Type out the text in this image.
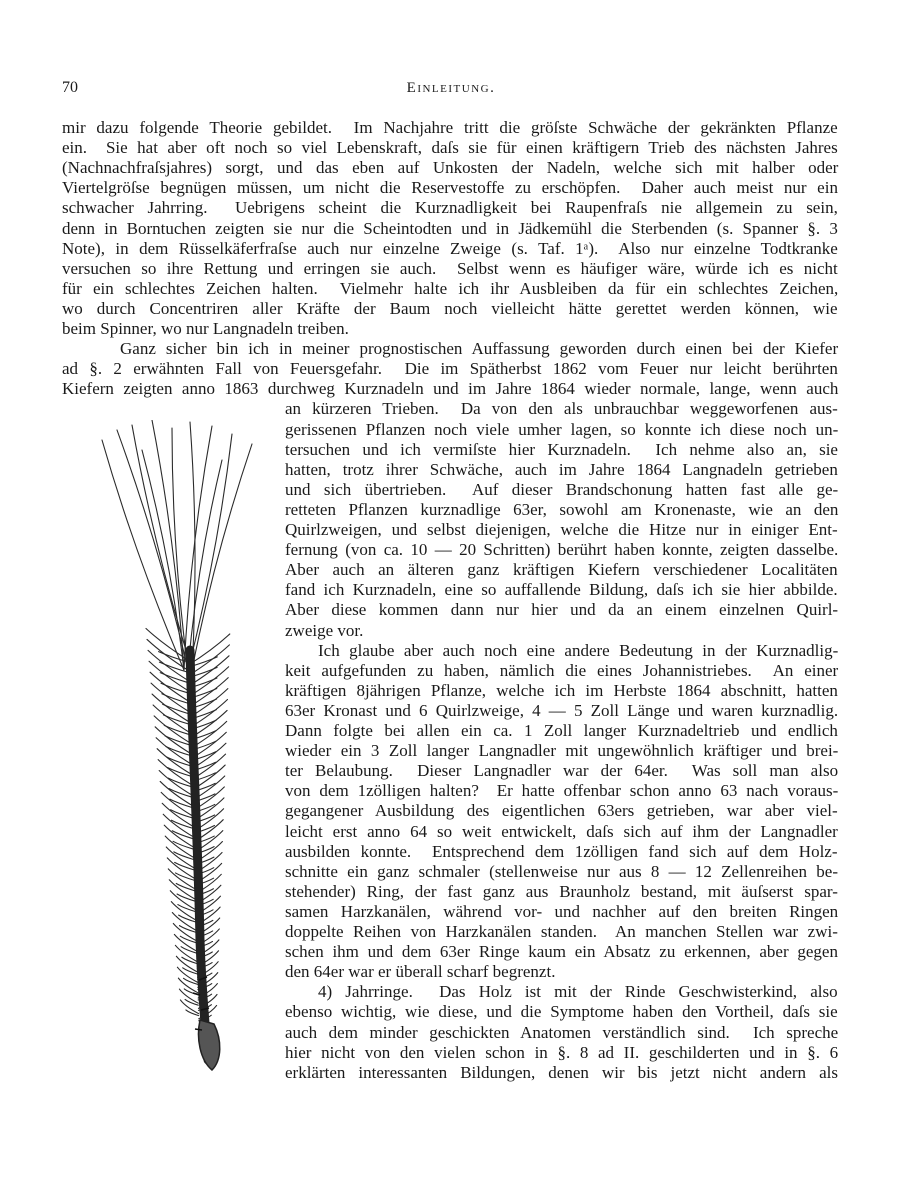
70	Einleitung.
mir dazu folgende Theorie gebildet.  Im Nachjahre tritt die gröſste Schwäche der gekränkten Pflanze
ein.  Sie hat aber oft noch so viel Lebenskraft, daſs sie für einen kräftigern Trieb des nächsten Jahres
(Nachnachfraſsjahres) sorgt, und das eben auf Unkosten der Nadeln, welche sich mit halber oder
Viertelgröſse begnügen müssen, um nicht die Reservestoffe zu erschöpfen.  Daher auch meist nur ein
schwacher Jahrring.  Uebrigens scheint die Kurznadligkeit bei Raupenfraſs nie allgemein zu sein,
denn in Borntuchen zeigten sie nur die Scheintodten und in Jädkemühl die Sterbenden (s. Spanner §. 3
Note), in dem Rüsselkäferfraſse auch nur einzelne Zweige (s. Taf. 1ᵃ).  Also nur einzelne Todtkranke
versuchen so ihre Rettung und erringen sie auch.  Selbst wenn es häufiger wäre, würde ich es nicht
für ein schlechtes Zeichen halten.  Vielmehr halte ich ihr Ausbleiben da für ein schlechtes Zeichen,
wo durch Concentriren aller Kräfte der Baum noch vielleicht hätte gerettet werden können, wie
beim Spinner, wo nur Langnadeln treiben.
Ganz sicher bin ich in meiner prognostischen Auffassung geworden durch einen bei der Kiefer
ad §. 2 erwähnten Fall von Feuersgefahr.  Die im Spätherbst 1862 vom Feuer nur leicht berührten
Kiefern zeigten anno 1863 durchweg Kurznadeln und im Jahre 1864 wieder normale, lange, wenn auch
an kürzeren Trieben.  Da von den als unbrauchbar weggeworfenen aus-
gerissenen Pflanzen noch viele umher lagen, so konnte ich diese noch un-
tersuchen und ich vermiſste hier Kurznadeln.  Ich nehme also an, sie
hatten, trotz ihrer Schwäche, auch im Jahre 1864 Langnadeln getrieben
und sich übertrieben.  Auf dieser Brandschonung hatten fast alle ge-
retteten Pflanzen kurznadlige 63er, sowohl am Kronenaste, wie an den
Quirlzweigen, und selbst diejenigen, welche die Hitze nur in einiger Ent-
fernung (von ca. 10 — 20 Schritten) berührt haben konnte, zeigten dasselbe.
Aber auch an älteren ganz kräftigen Kiefern verschiedener Localitäten
fand ich Kurznadeln, eine so auffallende Bildung, daſs ich sie hier abbilde.
Aber diese kommen dann nur hier und da an einem einzelnen Quirl-
zweige vor.
Ich glaube aber auch noch eine andere Bedeutung in der Kurznadlig-
keit aufgefunden zu haben, nämlich die eines Johannistriebes.  An einer
kräftigen 8jährigen Pflanze, welche ich im Herbste 1864 abschnitt, hatten
63er Kronast und 6 Quirlzweige, 4 — 5 Zoll Länge und waren kurznadlig.
Dann folgte bei allen ein ca. 1 Zoll langer Kurznadeltrieb und endlich
wieder ein 3 Zoll langer Langnadler mit ungewöhnlich kräftiger und brei-
ter Belaubung.  Dieser Langnadler war der 64er.  Was soll man also
von dem 1zölligen halten?  Er hatte offenbar schon anno 63 nach voraus-
gegangener Ausbildung des eigentlichen 63ers getrieben, war aber viel-
leicht erst anno 64 so weit entwickelt, daſs sich auf ihm der Langnadler
ausbilden konnte.  Entsprechend dem 1zölligen fand sich auf dem Holz-
schnitte ein ganz schmaler (stellenweise nur aus 8 — 12 Zellenreihen be-
stehender) Ring, der fast ganz aus Braunholz bestand, mit äuſserst spar-
samen Harzkanälen, während vor- und nachher auf den breiten Ringen
doppelte Reihen von Harzkanälen standen.  An manchen Stellen war zwi-
schen ihm und dem 63er Ringe kaum ein Absatz zu erkennen, aber gegen
den 64er war er überall scharf begrenzt.
4) Jahrringe.  Das Holz ist mit der Rinde Geschwisterkind, also
ebenso wichtig, wie diese, und die Symptome haben den Vortheil, daſs sie
auch dem minder geschickten Anatomen verständlich sind.  Ich spreche
hier nicht von den vielen schon in §. 8 ad II. geschilderten und in §. 6
erklärten interessanten Bildungen, denen wir bis jetzt nicht andern als
